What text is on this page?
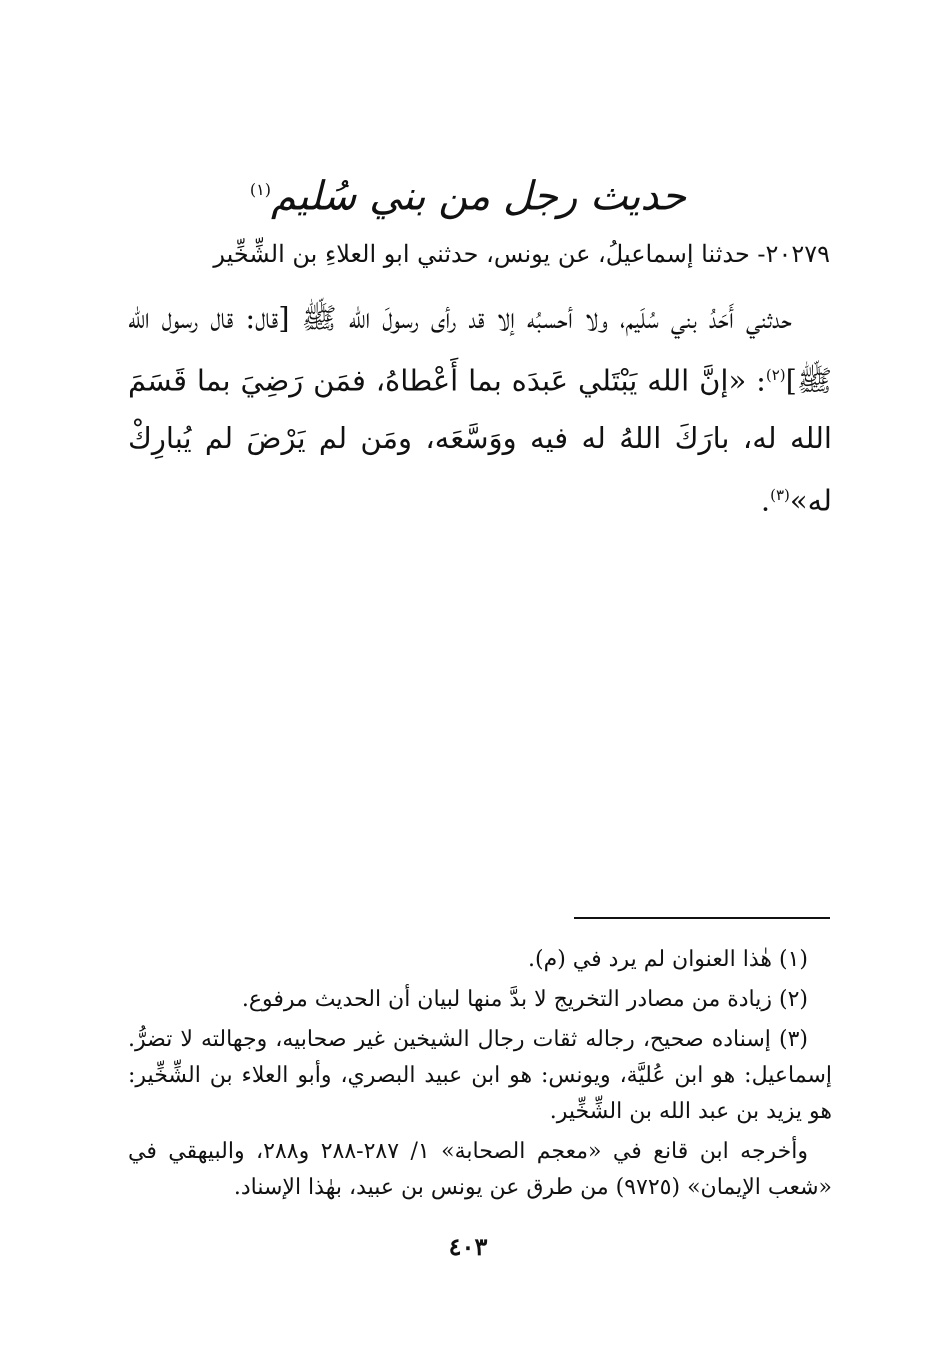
حديث رجل من بني سُليم$^{(١)}$
٢٠٢٧٩- حدثنا إسماعيلُ، عن يونس، حدثني ابو العلاءِ بن الشِّخِّير

حدثني أَحَدُ بني سُلَيم، ولا أحسبُه إلا قد رأى رسولَ الله ﷺ [قال: قال رسول الله ﷺ]$^{(٢)}$: «إنَّ الله يَبْتَلي عَبدَه بما أَعْطاهُ، فمَن رَضِيَ بما قَسَمَ الله له، بارَكَ اللهُ له فيه ووَسَّعَه، ومَن لم يَرْضَ لم يُبارِكْ له»$^{(٣)}$.

(١) هٰذا العنوان لم يرد في (م).

(٢) زيادة من مصادر التخريج لا بدَّ منها لبيان أن الحديث مرفوع.

(٣) إسناده صحيح، رجاله ثقات رجال الشيخين غير صحابيه، وجهالته لا تضرُّ. إسماعيل: هو ابن عُليَّة، ويونس: هو ابن عبيد البصري، وأبو العلاء بن الشِّخِّير: هو يزيد بن عبد الله بن الشِّخِّير.

وأخرجه ابن قانع في «معجم الصحابة» ١/ ٢٨٧-٢٨٨ و٢٨٨، والبيهقي في «شعب الإيمان» (٩٧٢٥) من طرق عن يونس بن عبيد، بهٰذا الإسناد.

٤٠٣
